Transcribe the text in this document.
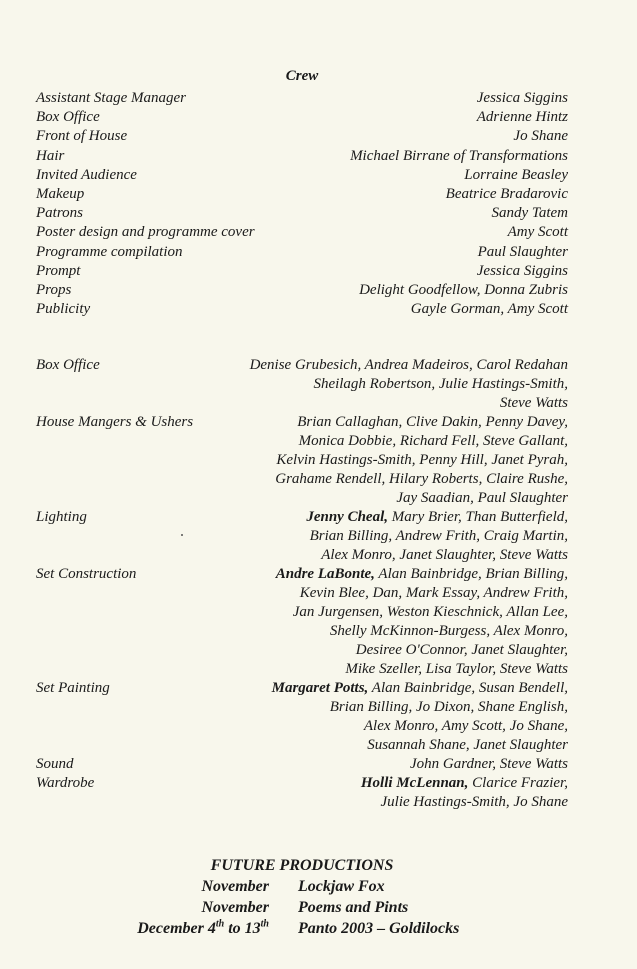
Crew
Assistant Stage Manager	Jessica Siggins
Box Office	Adrienne Hintz
Front of House	Jo Shane
Hair	Michael Birrane of Transformations
Invited Audience	Lorraine Beasley
Makeup	Beatrice Bradarovic
Patrons	Sandy Tatem
Poster design and programme cover	Amy Scott
Programme compilation	Paul Slaughter
Prompt	Jessica Siggins
Props	Delight Goodfellow, Donna Zubris
Publicity	Gayle Gorman, Amy Scott
Box Office	Denise Grubesich, Andrea Madeiros, Carol Redahan
Sheilagh Robertson, Julie Hastings-Smith,
Steve Watts
House Mangers & Ushers	Brian Callaghan, Clive Dakin, Penny Davey,
Monica Dobbie, Richard Fell, Steve Gallant,
Kelvin Hastings-Smith, Penny Hill, Janet Pyrah,
Grahame Rendell, Hilary Roberts, Claire Rushe,
Jay Saadian, Paul Slaughter
Lighting	Jenny Cheal, Mary Brier, Than Butterfield,
Brian Billing, Andrew Frith, Craig Martin,
Alex Monro, Janet Slaughter, Steve Watts
Set Construction	Andre LaBonte, Alan Bainbridge, Brian Billing,
Kevin Blee, Dan, Mark Essay, Andrew Frith,
Jan Jurgensen, Weston Kieschnick, Allan Lee,
Shelly McKinnon-Burgess, Alex Monro,
Desiree O'Connor, Janet Slaughter,
Mike Szeller, Lisa Taylor, Steve Watts
Set Painting	Margaret Potts, Alan Bainbridge, Susan Bendell,
Brian Billing, Jo Dixon, Shane English,
Alex Monro, Amy Scott, Jo Shane,
Susannah Shane, Janet Slaughter
Sound	John Gardner, Steve Watts
Wardrobe	Holli McLennan, Clarice Frazier,
Julie Hastings-Smith, Jo Shane
FUTURE PRODUCTIONS
November Lockjaw Fox
November Poems and Pints
December 4th to 13th Panto 2003 – Goldilocks
